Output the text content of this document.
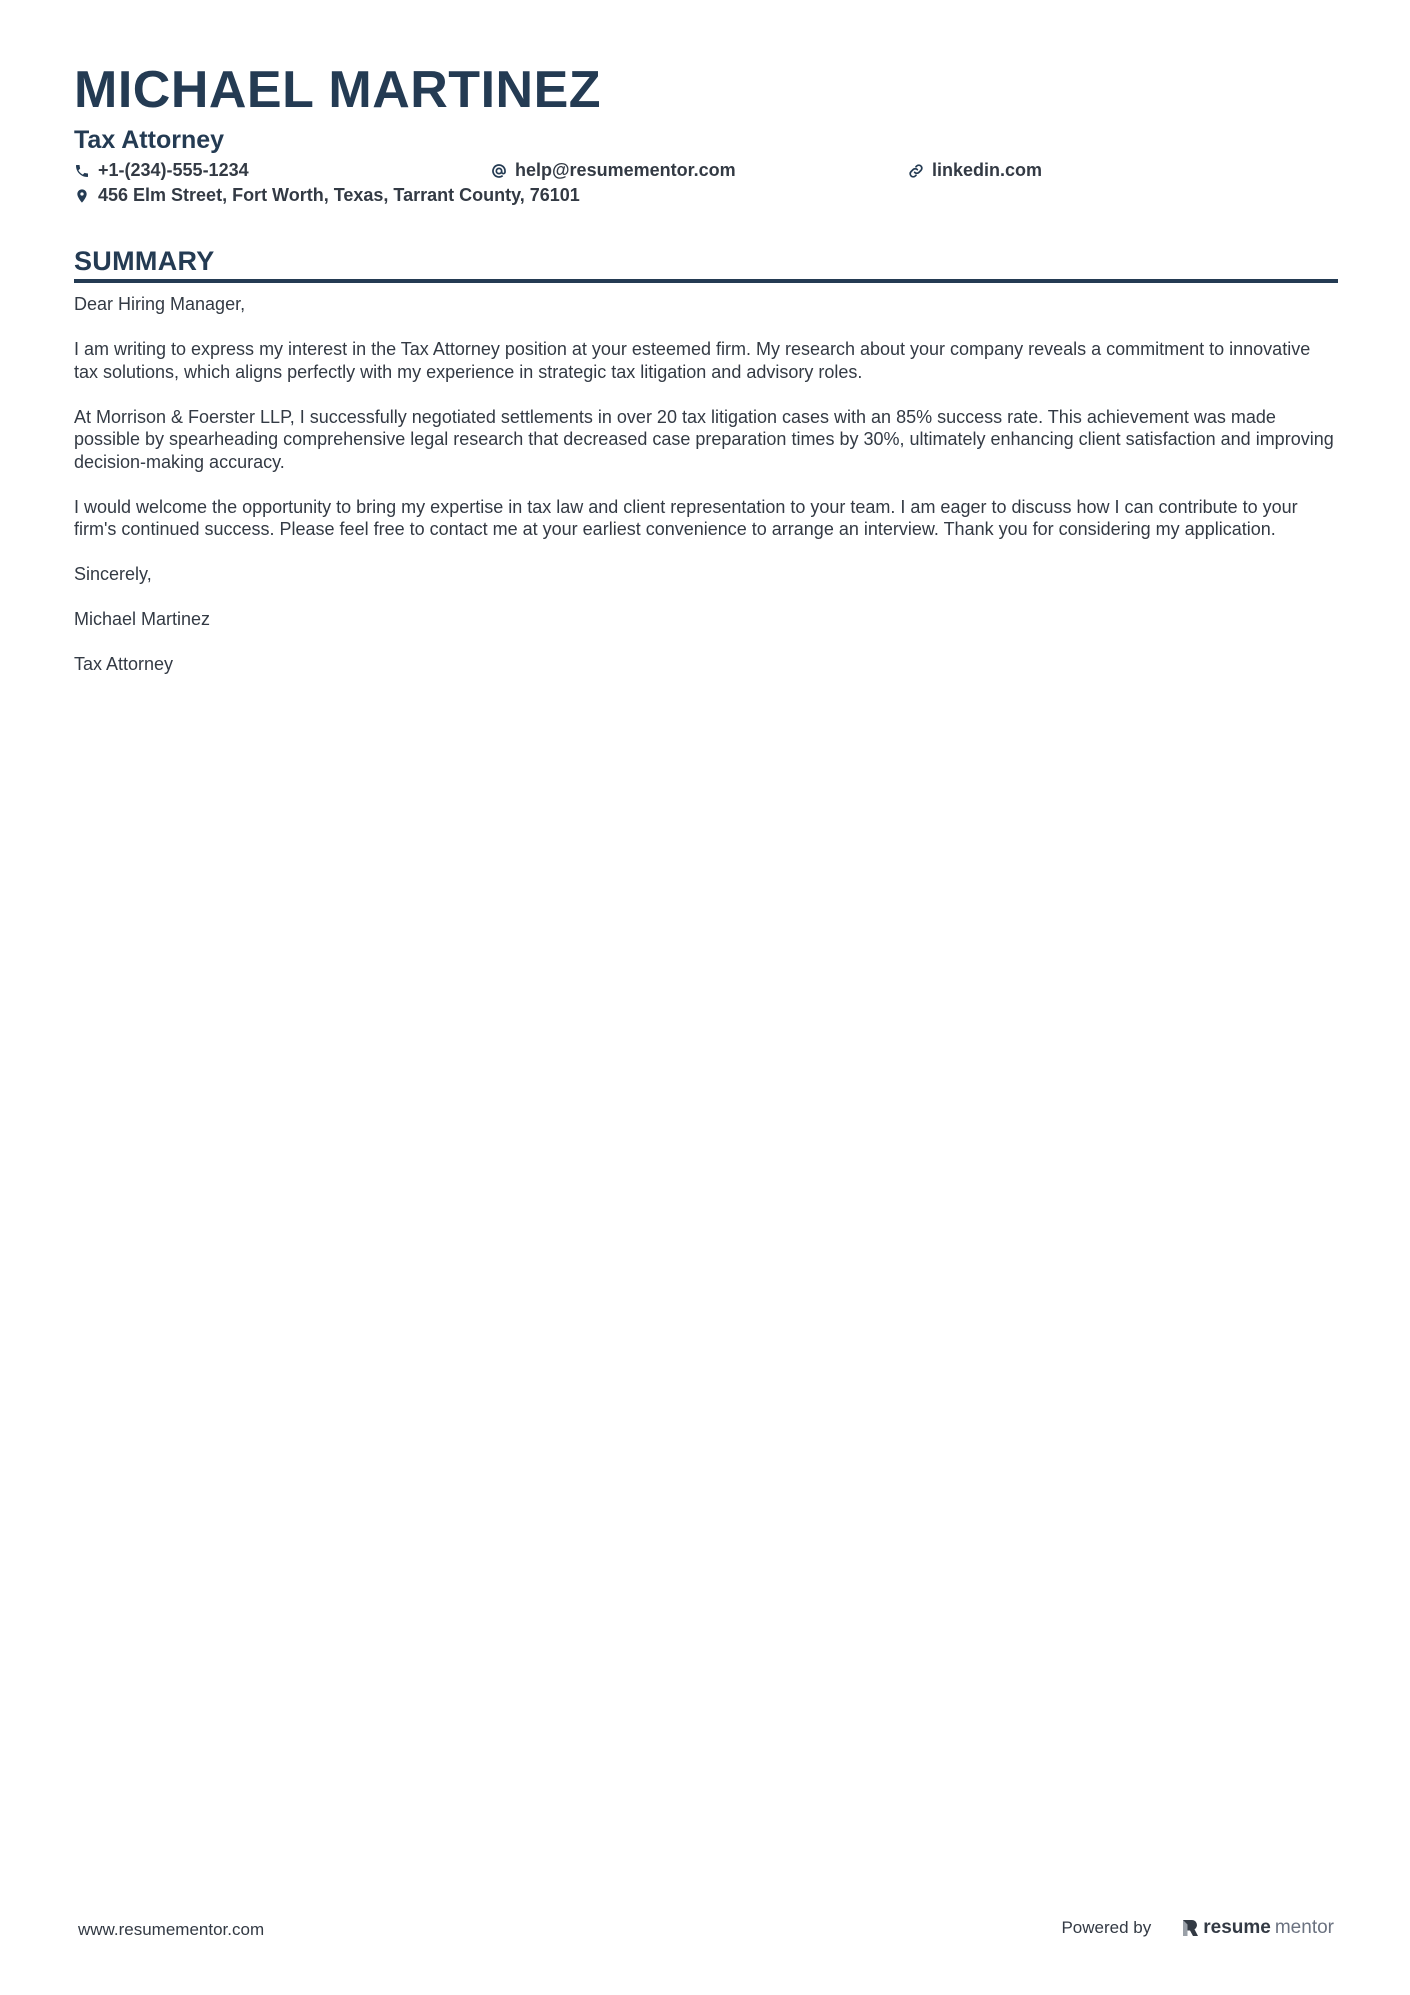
MICHAEL MARTINEZ
Tax Attorney
+1-(234)-555-1234	help@resumementor.com	linkedin.com
456 Elm Street, Fort Worth, Texas, Tarrant County, 76101
SUMMARY

Dear Hiring Manager,

I am writing to express my interest in the Tax Attorney position at your esteemed firm. My research about your company reveals a commitment to innovative tax solutions, which aligns perfectly with my experience in strategic tax litigation and advisory roles.

At Morrison & Foerster LLP, I successfully negotiated settlements in over 20 tax litigation cases with an 85% success rate. This achievement was made possible by spearheading comprehensive legal research that decreased case preparation times by 30%, ultimately enhancing client satisfaction and improving decision-making accuracy.

I would welcome the opportunity to bring my expertise in tax law and client representation to your team. I am eager to discuss how I can contribute to your firm's continued success. Please feel free to contact me at your earliest convenience to arrange an interview. Thank you for considering my application.

Sincerely,

Michael Martinez

Tax Attorney

www.resumementor.com	Powered by	resume mentor
